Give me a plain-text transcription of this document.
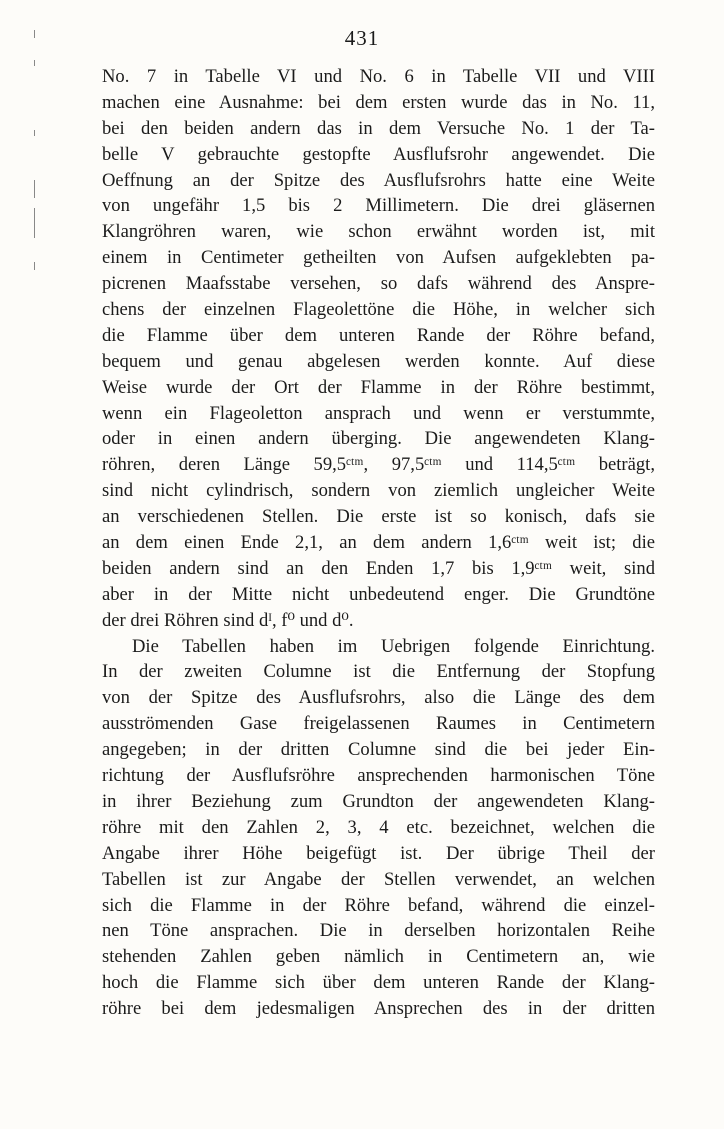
431
No. 7 in Tabelle VI und No. 6 in Tabelle VII und VIII
machen eine Ausnahme: bei dem ersten wurde das in No. 11,
bei den beiden andern das in dem Versuche No. 1 der Ta-
belle V gebrauchte gestopfte Ausflufsrohr angewendet. Die
Oeffnung an der Spitze des Ausflufsrohrs hatte eine Weite
von ungefähr 1,5 bis 2 Millimetern. Die drei gläsernen
Klangröhren waren, wie schon erwähnt worden ist, mit
einem in Centimeter getheilten von Aufsen aufgeklebten pa-
picrenen Maafsstabe versehen, so dafs während des Anspre-
chens der einzelnen Flageolettöne die Höhe, in welcher sich
die Flamme über dem unteren Rande der Röhre befand,
bequem und genau abgelesen werden konnte. Auf diese
Weise wurde der Ort der Flamme in der Röhre bestimmt,
wenn ein Flageoletton ansprach und wenn er verstummte,
oder in einen andern überging. Die angewendeten Klang-
röhren, deren Länge 59,5ᶜᵗᵐ, 97,5ᶜᵗᵐ und 114,5ᶜᵗᵐ beträgt,
sind nicht cylindrisch, sondern von ziemlich ungleicher Weite
an verschiedenen Stellen. Die erste ist so konisch, dafs sie
an dem einen Ende 2,1, an dem andern 1,6ᶜᵗᵐ weit ist; die
beiden andern sind an den Enden 1,7 bis 1,9ᶜᵗᵐ weit, sind
aber in der Mitte nicht unbedeutend enger. Die Grundtöne
der drei Röhren sind dᴵ, f⁰ und d⁰.
Die Tabellen haben im Uebrigen folgende Einrichtung.
In der zweiten Columne ist die Entfernung der Stopfung
von der Spitze des Ausflufsrohrs, also die Länge des dem
ausströmenden Gase freigelassenen Raumes in Centimetern
angegeben; in der dritten Columne sind die bei jeder Ein-
richtung der Ausflufsröhre ansprechenden harmonischen Töne
in ihrer Beziehung zum Grundton der angewendeten Klang-
röhre mit den Zahlen 2, 3, 4 etc. bezeichnet, welchen die
Angabe ihrer Höhe beigefügt ist. Der übrige Theil der
Tabellen ist zur Angabe der Stellen verwendet, an welchen
sich die Flamme in der Röhre befand, während die einzel-
nen Töne ansprachen. Die in derselben horizontalen Reihe
stehenden Zahlen geben nämlich in Centimetern an, wie
hoch die Flamme sich über dem unteren Rande der Klang-
röhre bei dem jedesmaligen Ansprechen des in der dritten
